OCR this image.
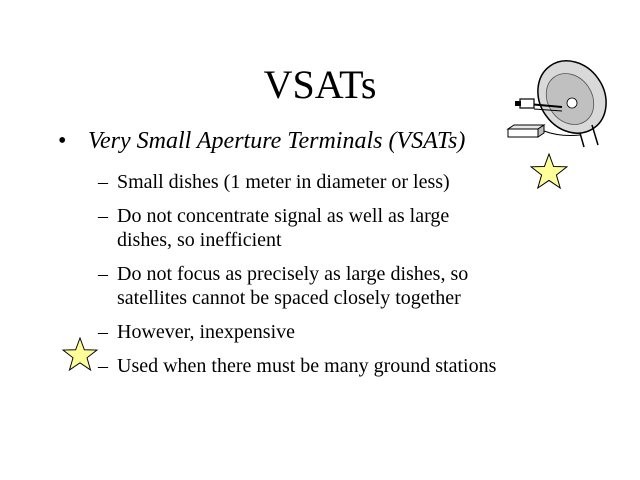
VSATs
• Very Small Aperture Terminals (VSATs)
– Small dishes (1 meter in diameter or less)
– Do not concentrate signal as well as large
dishes, so inefficient
– Do not focus as precisely as large dishes, so
satellites cannot be spaced closely together
– However, inexpensive
– Used when there must be many ground stations
